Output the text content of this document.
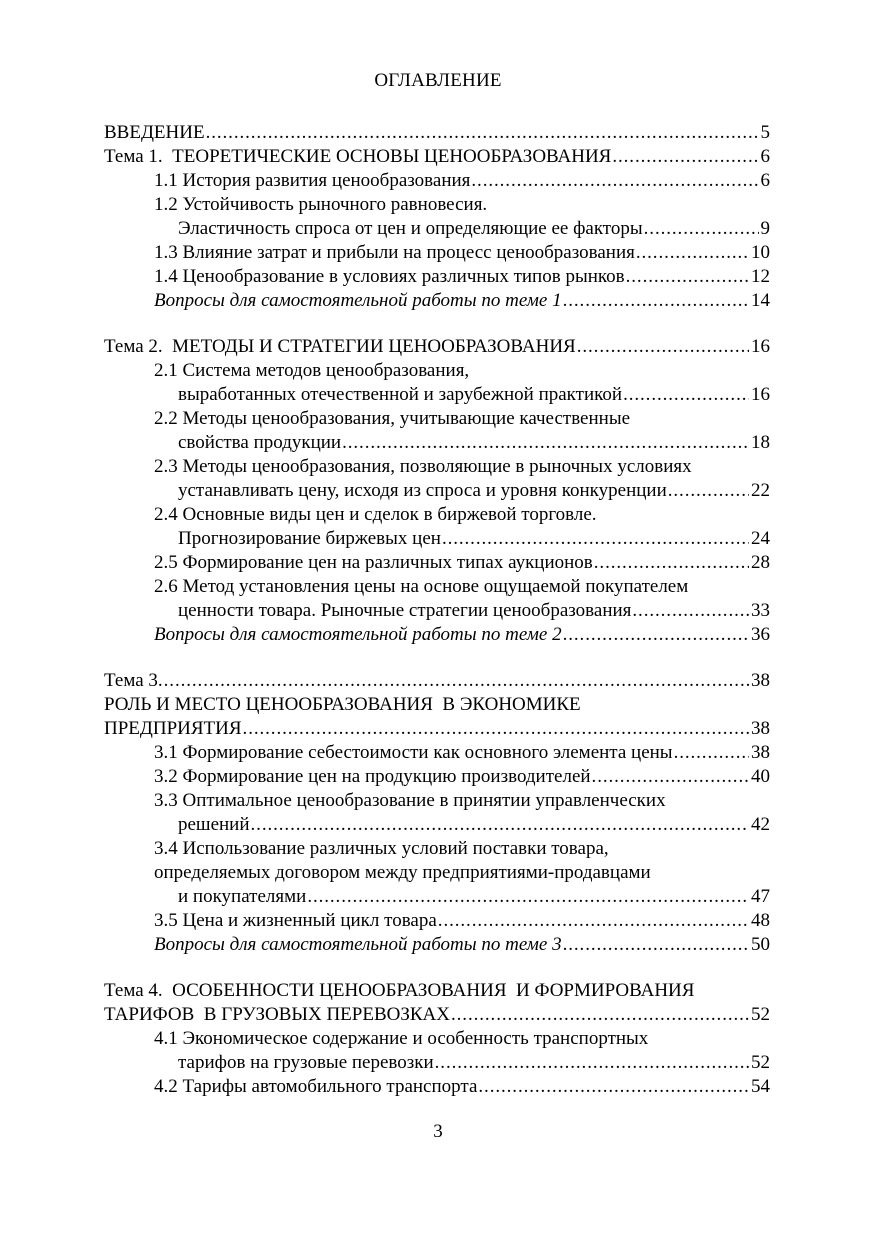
ОГЛАВЛЕНИЕ
ВВЕДЕНИЕ .....	5
Тема 1.  ТЕОРЕТИЧЕСКИЕ ОСНОВЫ ЦЕНООБРАЗОВАНИЯ .....	6
1.1 История развития ценообразования .....	6
1.2 Устойчивость рыночного равновесия.
Эластичность спроса от цен и определяющие ее факторы .....	9
1.3 Влияние затрат и прибыли на процесс ценообразования .....	10
1.4 Ценообразование в условиях различных типов рынков .....	12
Вопросы для самостоятельной работы по теме 1 .....	14
Тема 2.  МЕТОДЫ И СТРАТЕГИИ ЦЕНООБРАЗОВАНИЯ .....	16
2.1 Система методов ценообразования,
выработанных отечественной и зарубежной практикой .....	16
2.2 Методы ценообразования, учитывающие качественные
свойства продукции .....	18
2.3 Методы ценообразования, позволяющие в рыночных условиях
устанавливать цену, исходя из спроса и уровня конкуренции .....	22
2.4 Основные виды цен и сделок в биржевой торговле.
Прогнозирование биржевых цен .....	24
2.5 Формирование цен на различных типах аукционов .....	28
2.6 Метод установления цены на основе ощущаемой покупателем
ценности товара. Рыночные стратегии ценообразования .....	33
Вопросы для самостоятельной работы по теме 2 .....	36
Тема 3. .....	38
РОЛЬ И МЕСТО ЦЕНООБРАЗОВАНИЯ  В ЭКОНОМИКЕ
ПРЕДПРИЯТИЯ .....	38
3.1 Формирование себестоимости как основного элемента цены .....	38
3.2 Формирование цен на продукцию производителей .....	40
3.3 Оптимальное ценообразование в принятии управленческих
решений .....	42
3.4 Использование различных условий поставки товара,
определяемых договором между предприятиями-продавцами
и покупателями .....	47
3.5 Цена и жизненный цикл товара .....	48
Вопросы для самостоятельной работы по теме 3 .....	50
Тема 4.  ОСОБЕННОСТИ ЦЕНООБРАЗОВАНИЯ  И ФОРМИРОВАНИЯ
ТАРИФОВ  В ГРУЗОВЫХ ПЕРЕВОЗКАХ .....	52
4.1 Экономическое содержание и особенность транспортных
тарифов на грузовые перевозки .....	52
4.2 Тарифы автомобильного транспорта .....	54
3
